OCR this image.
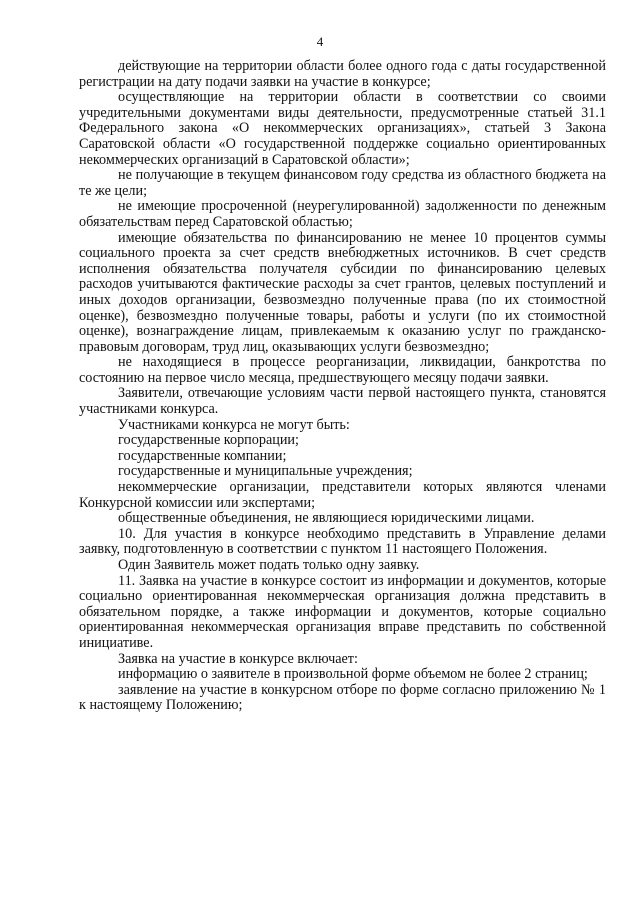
4

действующие на территории области более одного года с даты государственной регистрации на дату подачи заявки на участие в конкурсе;

осуществляющие на территории области в соответствии со своими учредительными документами виды деятельности, предусмотренные статьей 31.1 Федерального закона «О некоммерческих организациях», статьей 3 Закона Саратовской области «О государственной поддержке социально ориентированных некоммерческих организаций в Саратовской области»;

не получающие в текущем финансовом году средства из областного бюджета на те же цели;

не имеющие просроченной (неурегулированной) задолженности по денежным обязательствам перед Саратовской областью;

имеющие обязательства по финансированию не менее 10 процентов суммы социального проекта за счет средств внебюджетных источников. В счет средств исполнения обязательства получателя субсидии по финансированию целевых расходов учитываются фактические расходы за счет грантов, целевых поступлений и иных доходов организации, безвозмездно полученные права (по их стоимостной оценке), безвозмездно полученные товары, работы и услуги (по их стоимостной оценке), вознаграждение лицам, привлекаемым к оказанию услуг по гражданско-правовым договорам, труд лиц, оказывающих услуги безвозмездно;

не находящиеся в процессе реорганизации, ликвидации, банкротства по состоянию на первое число месяца, предшествующего месяцу подачи заявки.

Заявители, отвечающие условиям части первой настоящего пункта, становятся участниками конкурса.

Участниками конкурса не могут быть:

государственные корпорации;

государственные компании;

государственные и муниципальные учреждения;

некоммерческие организации, представители которых являются членами Конкурсной комиссии или экспертами;

общественные объединения, не являющиеся юридическими лицами.

10. Для участия в конкурсе необходимо представить в Управление делами заявку, подготовленную в соответствии с пунктом 11 настоящего Положения.

Один Заявитель может подать только одну заявку.

11. Заявка на участие в конкурсе состоит из информации и документов, которые социально ориентированная некоммерческая организация должна представить в обязательном порядке, а также информации и документов, которые социально ориентированная некоммерческая организация вправе представить по собственной инициативе.

Заявка на участие в конкурсе включает:

информацию о заявителе в произвольной форме объемом не более 2 страниц;

заявление на участие в конкурсном отборе по форме согласно приложению № 1 к настоящему Положению;
